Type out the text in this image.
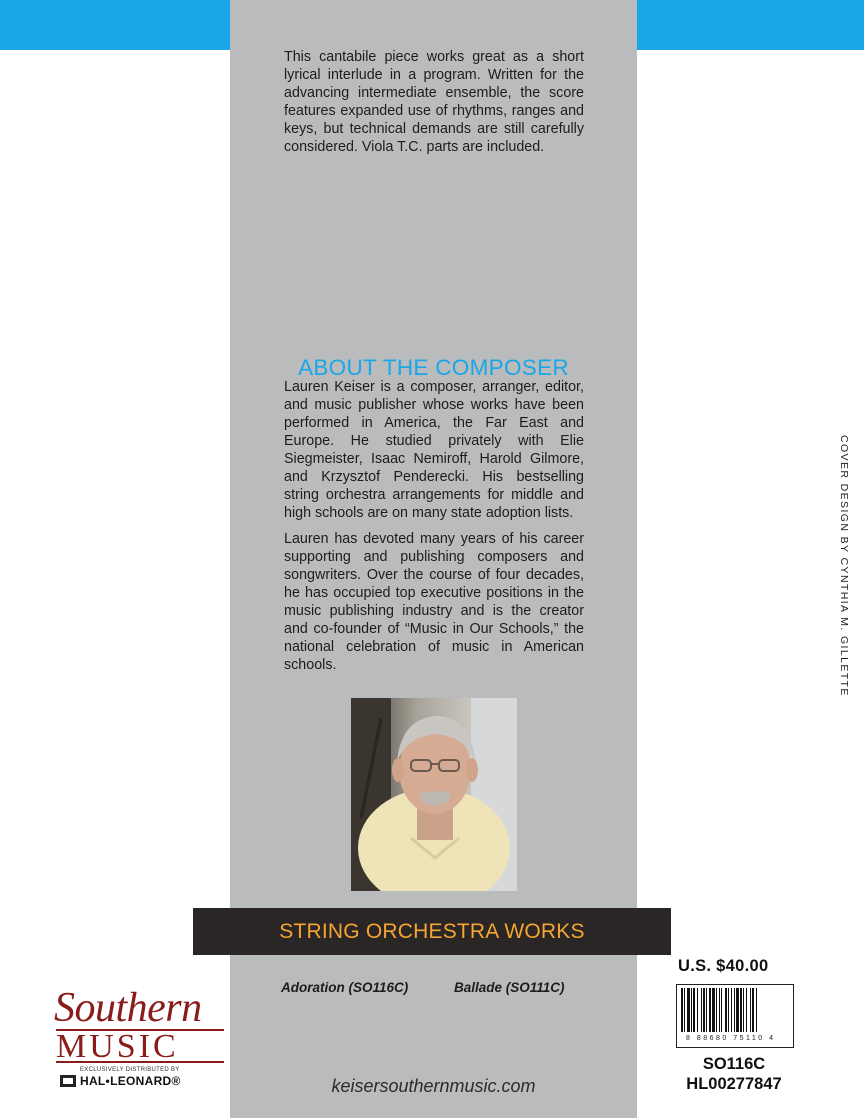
This cantabile piece works great as a short lyrical interlude in a program. Written for the advancing intermediate ensemble, the score features expanded use of rhythms, ranges and keys, but technical demands are still carefully considered. Viola T.C. parts are included.

ABOUT THE COMPOSER

Lauren Keiser is a composer, arranger, editor, and music publisher whose works have been performed in America, the Far East and Europe. He studied privately with Elie Siegmeister, Isaac Nemiroff, Harold Gilmore, and Krzysztof Penderecki. His bestselling string orchestra arrangements for middle and high schools are on many state adoption lists.

Lauren has devoted many years of his career supporting and publishing composers and songwriters. Over the course of four decades, he has occupied top executive positions in the music publishing industry and is the creator and co-founder of “Music in Our Schools,” the national celebration of music in American schools.

STRING ORCHESTRA WORKS
Adoration (SO116C)	Ballade (SO111C)
keisersouthernmusic.com
Southern
MUSIC
EXCLUSIVELY DISTRIBUTED BY
HAL•LEONARD®
U.S. $40.00
8 88680 75110 4
SO116C
HL00277847
COVER DESIGN BY CYNTHIA M. GILLETTE
